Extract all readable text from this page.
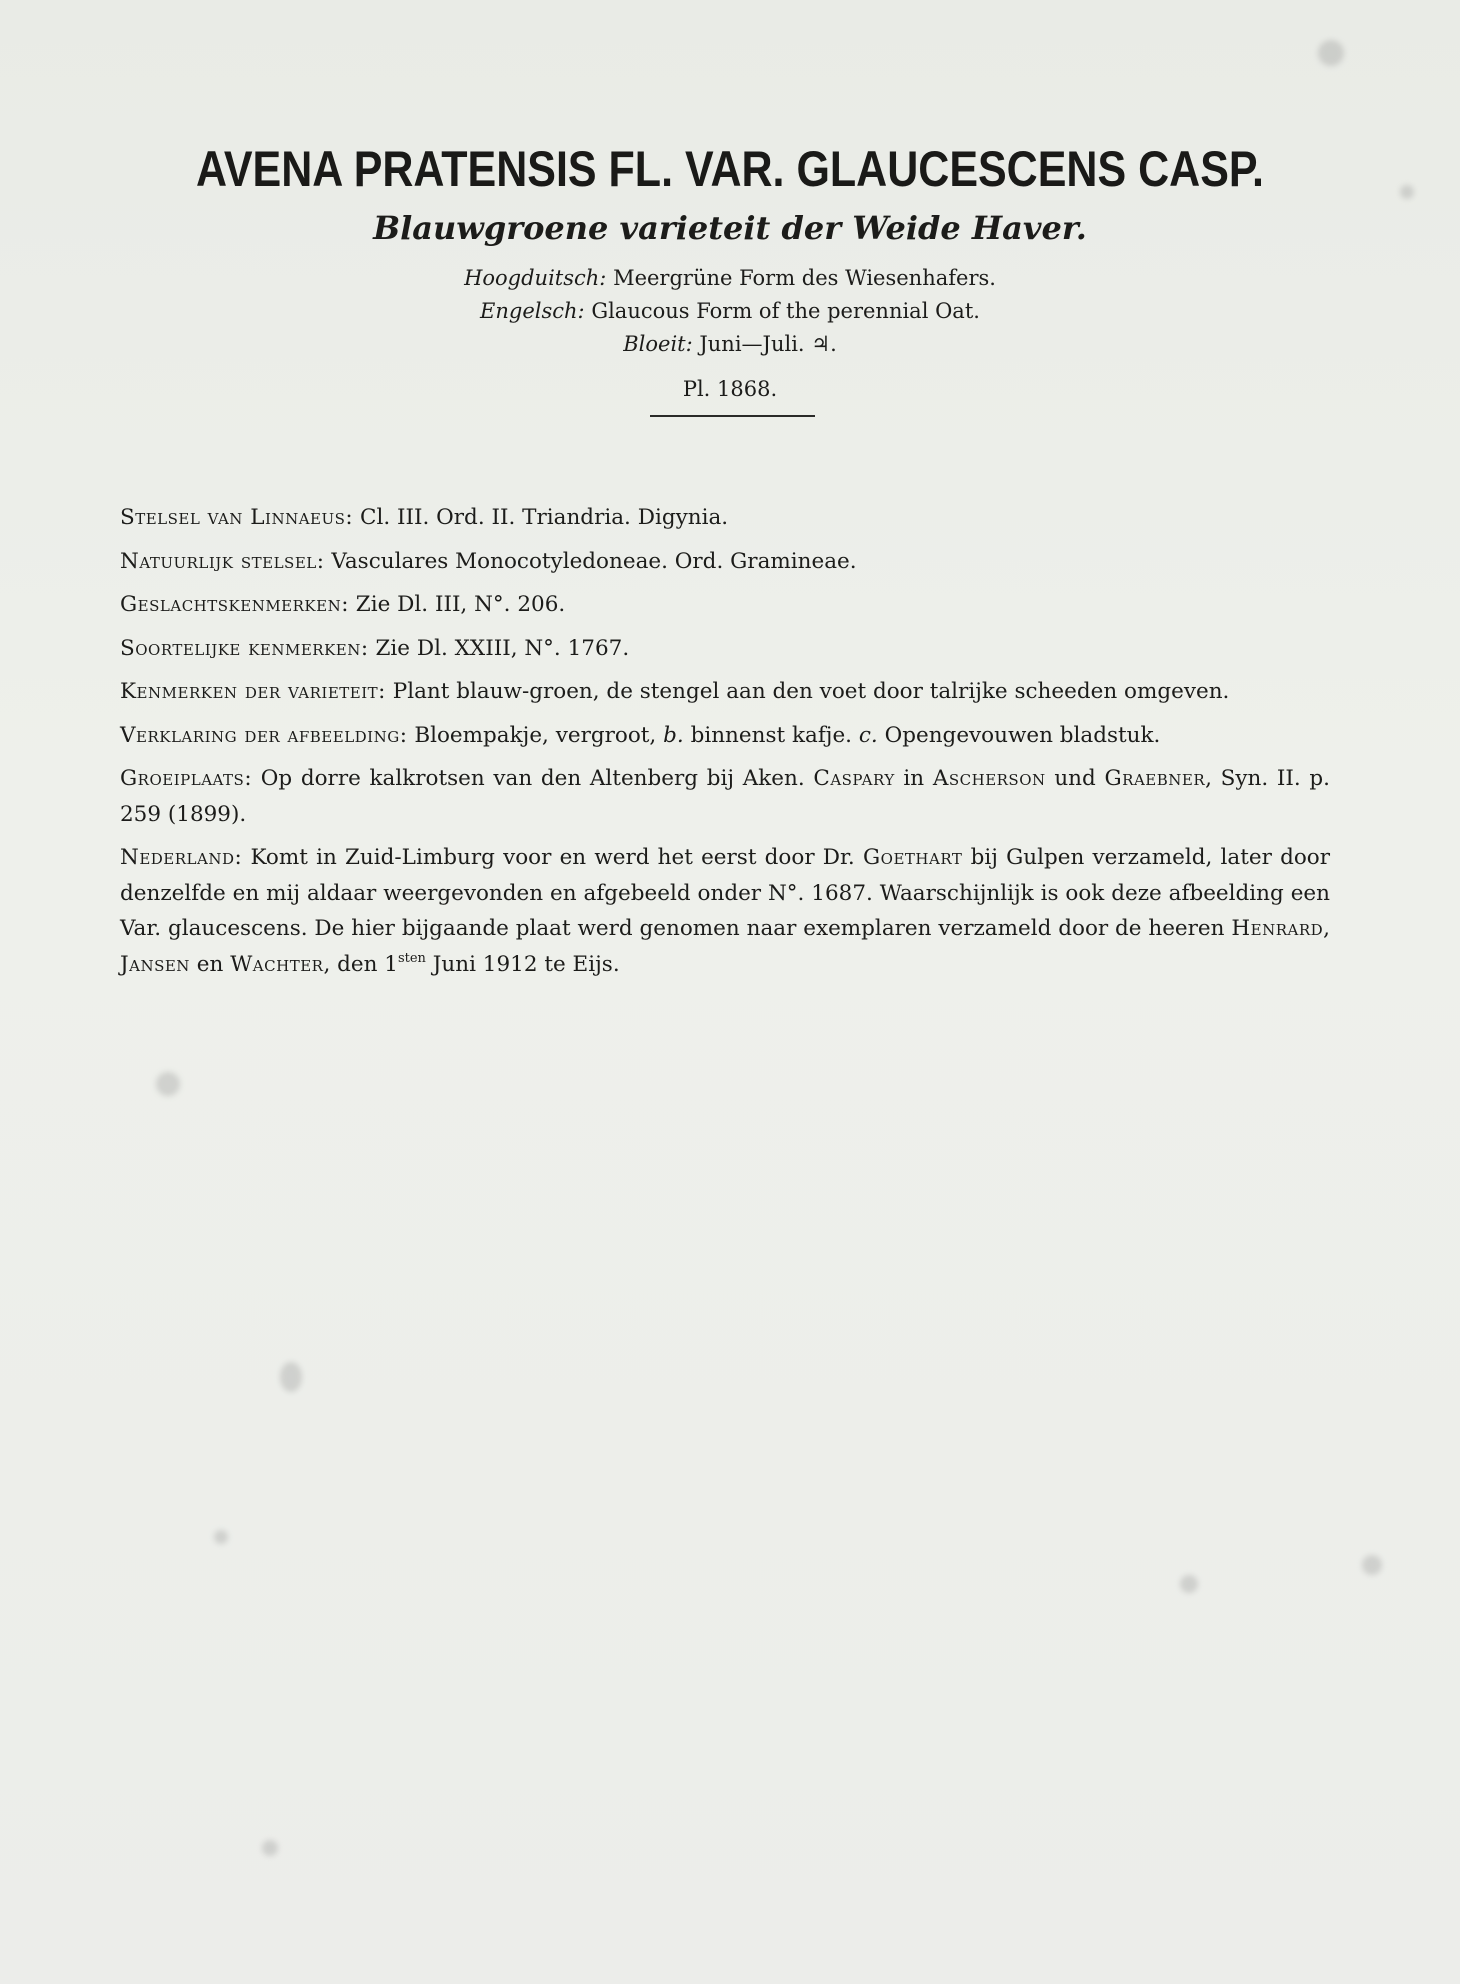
AVENA PRATENSIS FL. VAR. GLAUCESCENS CASP.
Blauwgroene varieteit der Weide Haver.
Hoogduitsch: Meergrüne Form des Wiesenhafers.
Engelsch: Glaucous Form of the perennial Oat.
Bloeit: Juni—Juli. ♃.
Pl. 1868.

Stelsel van Linnaeus: Cl. III. Ord. II. Triandria. Digynia.

Natuurlijk stelsel: Vasculares Monocotyledoneae. Ord. Gramineae.

Geslachtskenmerken: Zie Dl. III, N°. 206.

Soortelijke kenmerken: Zie Dl. XXIII, N°. 1767.

Kenmerken der varieteit: Plant blauw-groen, de stengel aan den voet door talrijke scheeden omgeven.

Verklaring der afbeelding: Bloempakje, vergroot, b. binnenst kafje. c. Opengevouwen bladstuk.

Groeiplaats: Op dorre kalkrotsen van den Altenberg bij Aken. Caspary in Ascherson und Graebner, Syn. II. p. 259 (1899).

Nederland: Komt in Zuid-Limburg voor en werd het eerst door Dr. Goethart bij Gulpen verzameld, later door denzelfde en mij aldaar weergevonden en afgebeeld onder N°. 1687. Waarschijnlijk is ook deze afbeelding een Var. glaucescens. De hier bijgaande plaat werd genomen naar exemplaren verzameld door de heeren Henrard, Jansen en Wachter, den $1^{sten}$ Juni 1912 te Eijs.
